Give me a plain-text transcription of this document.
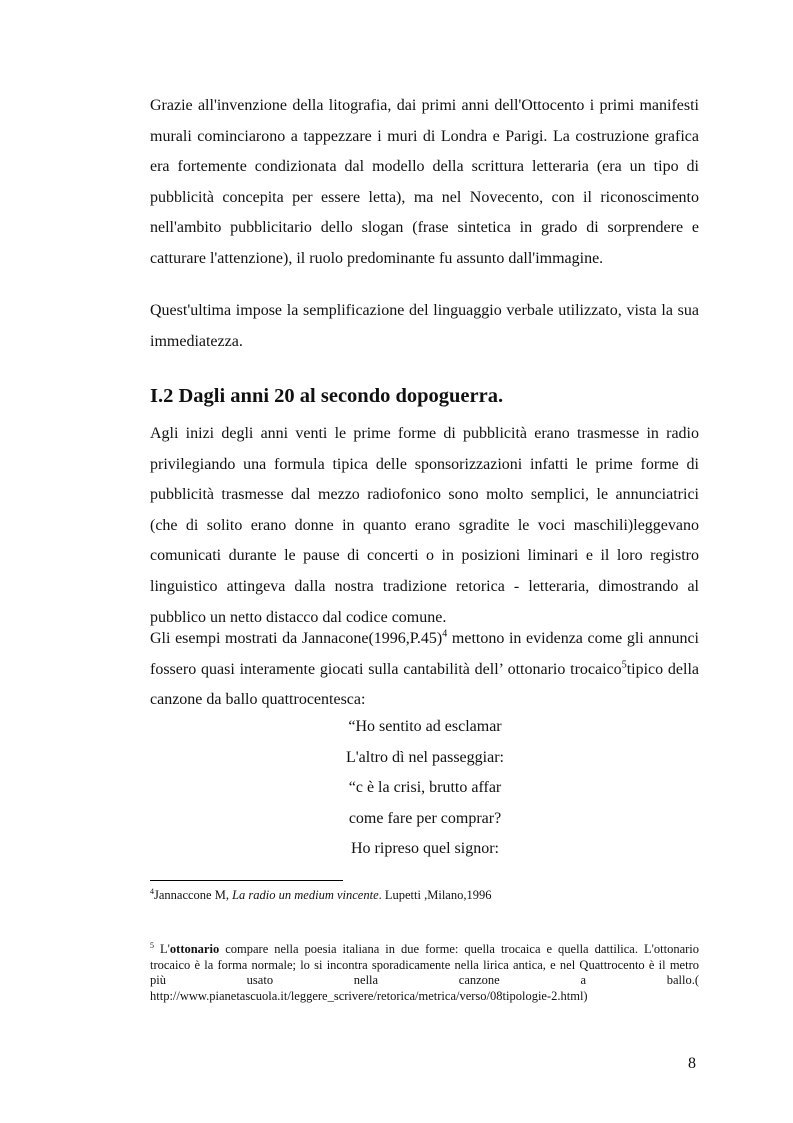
Grazie all'invenzione della litografia, dai primi anni dell'Ottocento i primi manifesti murali cominciarono a tappezzare i muri di Londra e Parigi. La costruzione grafica era fortemente condizionata dal modello della scrittura letteraria (era un tipo di pubblicità concepita per essere letta), ma nel Novecento, con il riconoscimento nell'ambito pubblicitario dello slogan (frase sintetica in grado di sorprendere e catturare l'attenzione), il ruolo predominante fu assunto dall'immagine.

Quest'ultima impose la semplificazione del linguaggio verbale utilizzato, vista la sua immediatezza.

I.2 Dagli anni 20 al secondo dopoguerra.

Agli inizi degli anni venti le prime forme di pubblicità erano trasmesse in radio privilegiando una formula tipica delle sponsorizzazioni infatti le prime forme di pubblicità trasmesse dal mezzo radiofonico sono molto semplici, le annunciatrici (che di solito erano donne in quanto erano sgradite le voci maschili)leggevano comunicati durante le pause di concerti o in posizioni liminari e il loro registro linguistico attingeva dalla nostra tradizione retorica - letteraria, dimostrando al pubblico un netto distacco dal codice comune.

Gli esempi mostrati da $Jannacone(1996,P.45)^4$ mettono in evidenza come gli annunci fossero quasi interamente giocati sulla cantabilità dell’ ottonario trocaico$^5$tipico della canzone da ballo quattrocentesca:

“Ho sentito ad esclamar
L'altro dì nel passeggiar:
“c è la crisi, brutto affar
come fare per comprar?
Ho ripreso quel signor:

$^4$Jannaccone M, La radio un medium vincente. Lupetti ,Milano,1996

$^5$ L'ottonario compare nella poesia italiana in due forme: quella trocaica e quella dattilica. L'ottonario trocaico è la forma normale; lo si incontra sporadicamente nella lirica antica, e nel Quattrocento è il metro più usato nella canzone a ballo.( http://www.pianetascuola.it/leggere_scrivere/retorica/metrica/verso/08tipologie-2.html)

8
